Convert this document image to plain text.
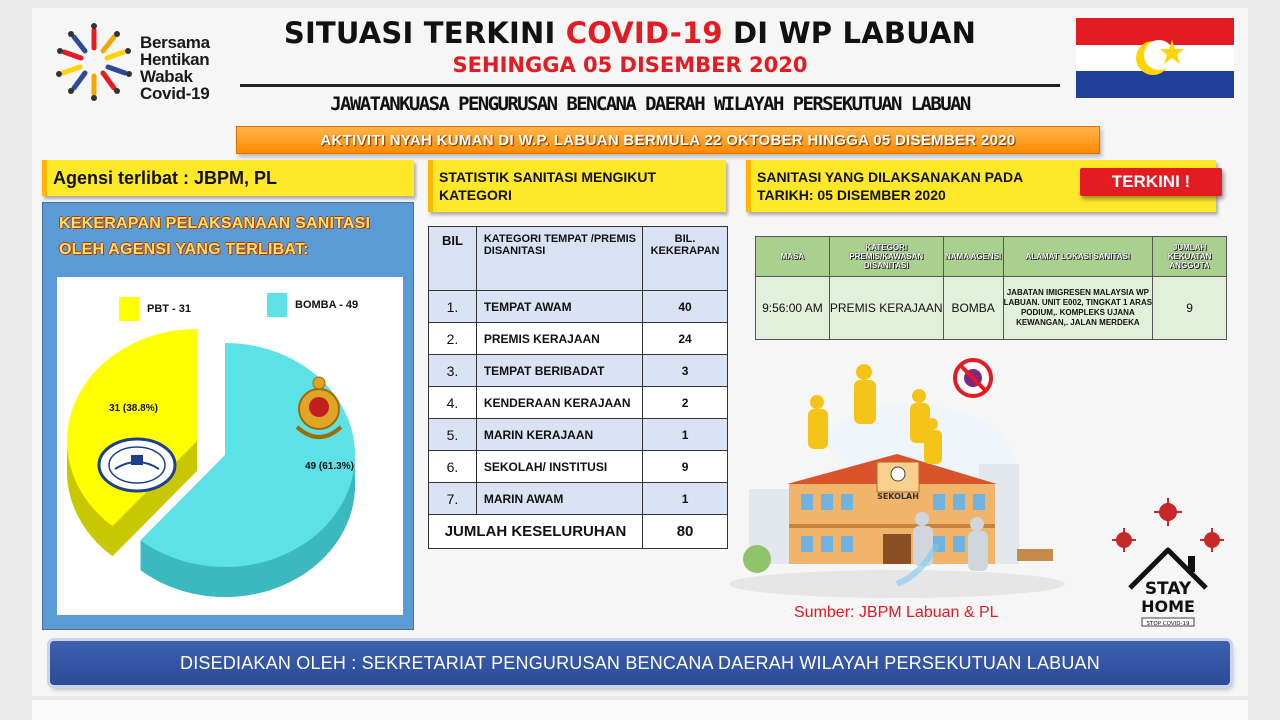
Bersama
Hentikan
Wabak
Covid-19
SITUASI TERKINI COVID-19 DI WP LABUAN
SEHINGGA 05 DISEMBER 2020
JAWATANKUASA PENGURUSAN BENCANA DAERAH WILAYAH PERSEKUTUAN LABUAN
AKTIVITI NYAH KUMAN DI W.P. LABUAN BERMULA 22 OKTOBER HINGGA 05 DISEMBER 2020
Agensi terlibat : JBPM, PL	STATISTIK SANITASI MENGIKUT KATEGORI
SANITASI YANG DILAKSANAKAN PADA
TARIKH: 05 DISEMBER 2020
TERKINI !
KEKERAPAN PELAKSANAAN SANITASI
OLEH AGENSI YANG TERLIBAT:
PBT - 31	BOMBA - 49
31 (38.8%)
49 (61.3%)
BIL	KATEGORI TEMPAT /PREMIS DISANITASI	BIL. KEKERAPAN
1.	TEMPAT AWAM	40
2.	PREMIS KERAJAAN	24
3.	TEMPAT BERIBADAT	3
4.	KENDERAAN KERAJAAN	2
5.	MARIN KERAJAAN	1
6.	SEKOLAH/ INSTITUSI	9
7.	MARIN AWAM	1
JUMLAH KESELURUHAN		80
MASA	KATEGORI PREMIS/KAWASAN DISANITASI	NAMA AGENSI	ALAMAT LOKASI SANITASI	JUMLAH KEKUATAN ANGGOTA
9:56:00 AM	PREMIS KERAJAAN	BOMBA	JABATAN IMIGRESEN MALAYSIA WP LABUAN. UNIT E002, TINGKAT 1 ARAS PODIUM,. KOMPLEKS UJANA KEWANGAN,. JALAN MERDEKA	9
SEKOLAH
Sumber: JBPM Labuan & PL
STAY
HOME
STOP COVID-19
DISEDIAKAN OLEH : SEKRETARIAT PENGURUSAN BENCANA DAERAH WILAYAH PERSEKUTUAN LABUAN
